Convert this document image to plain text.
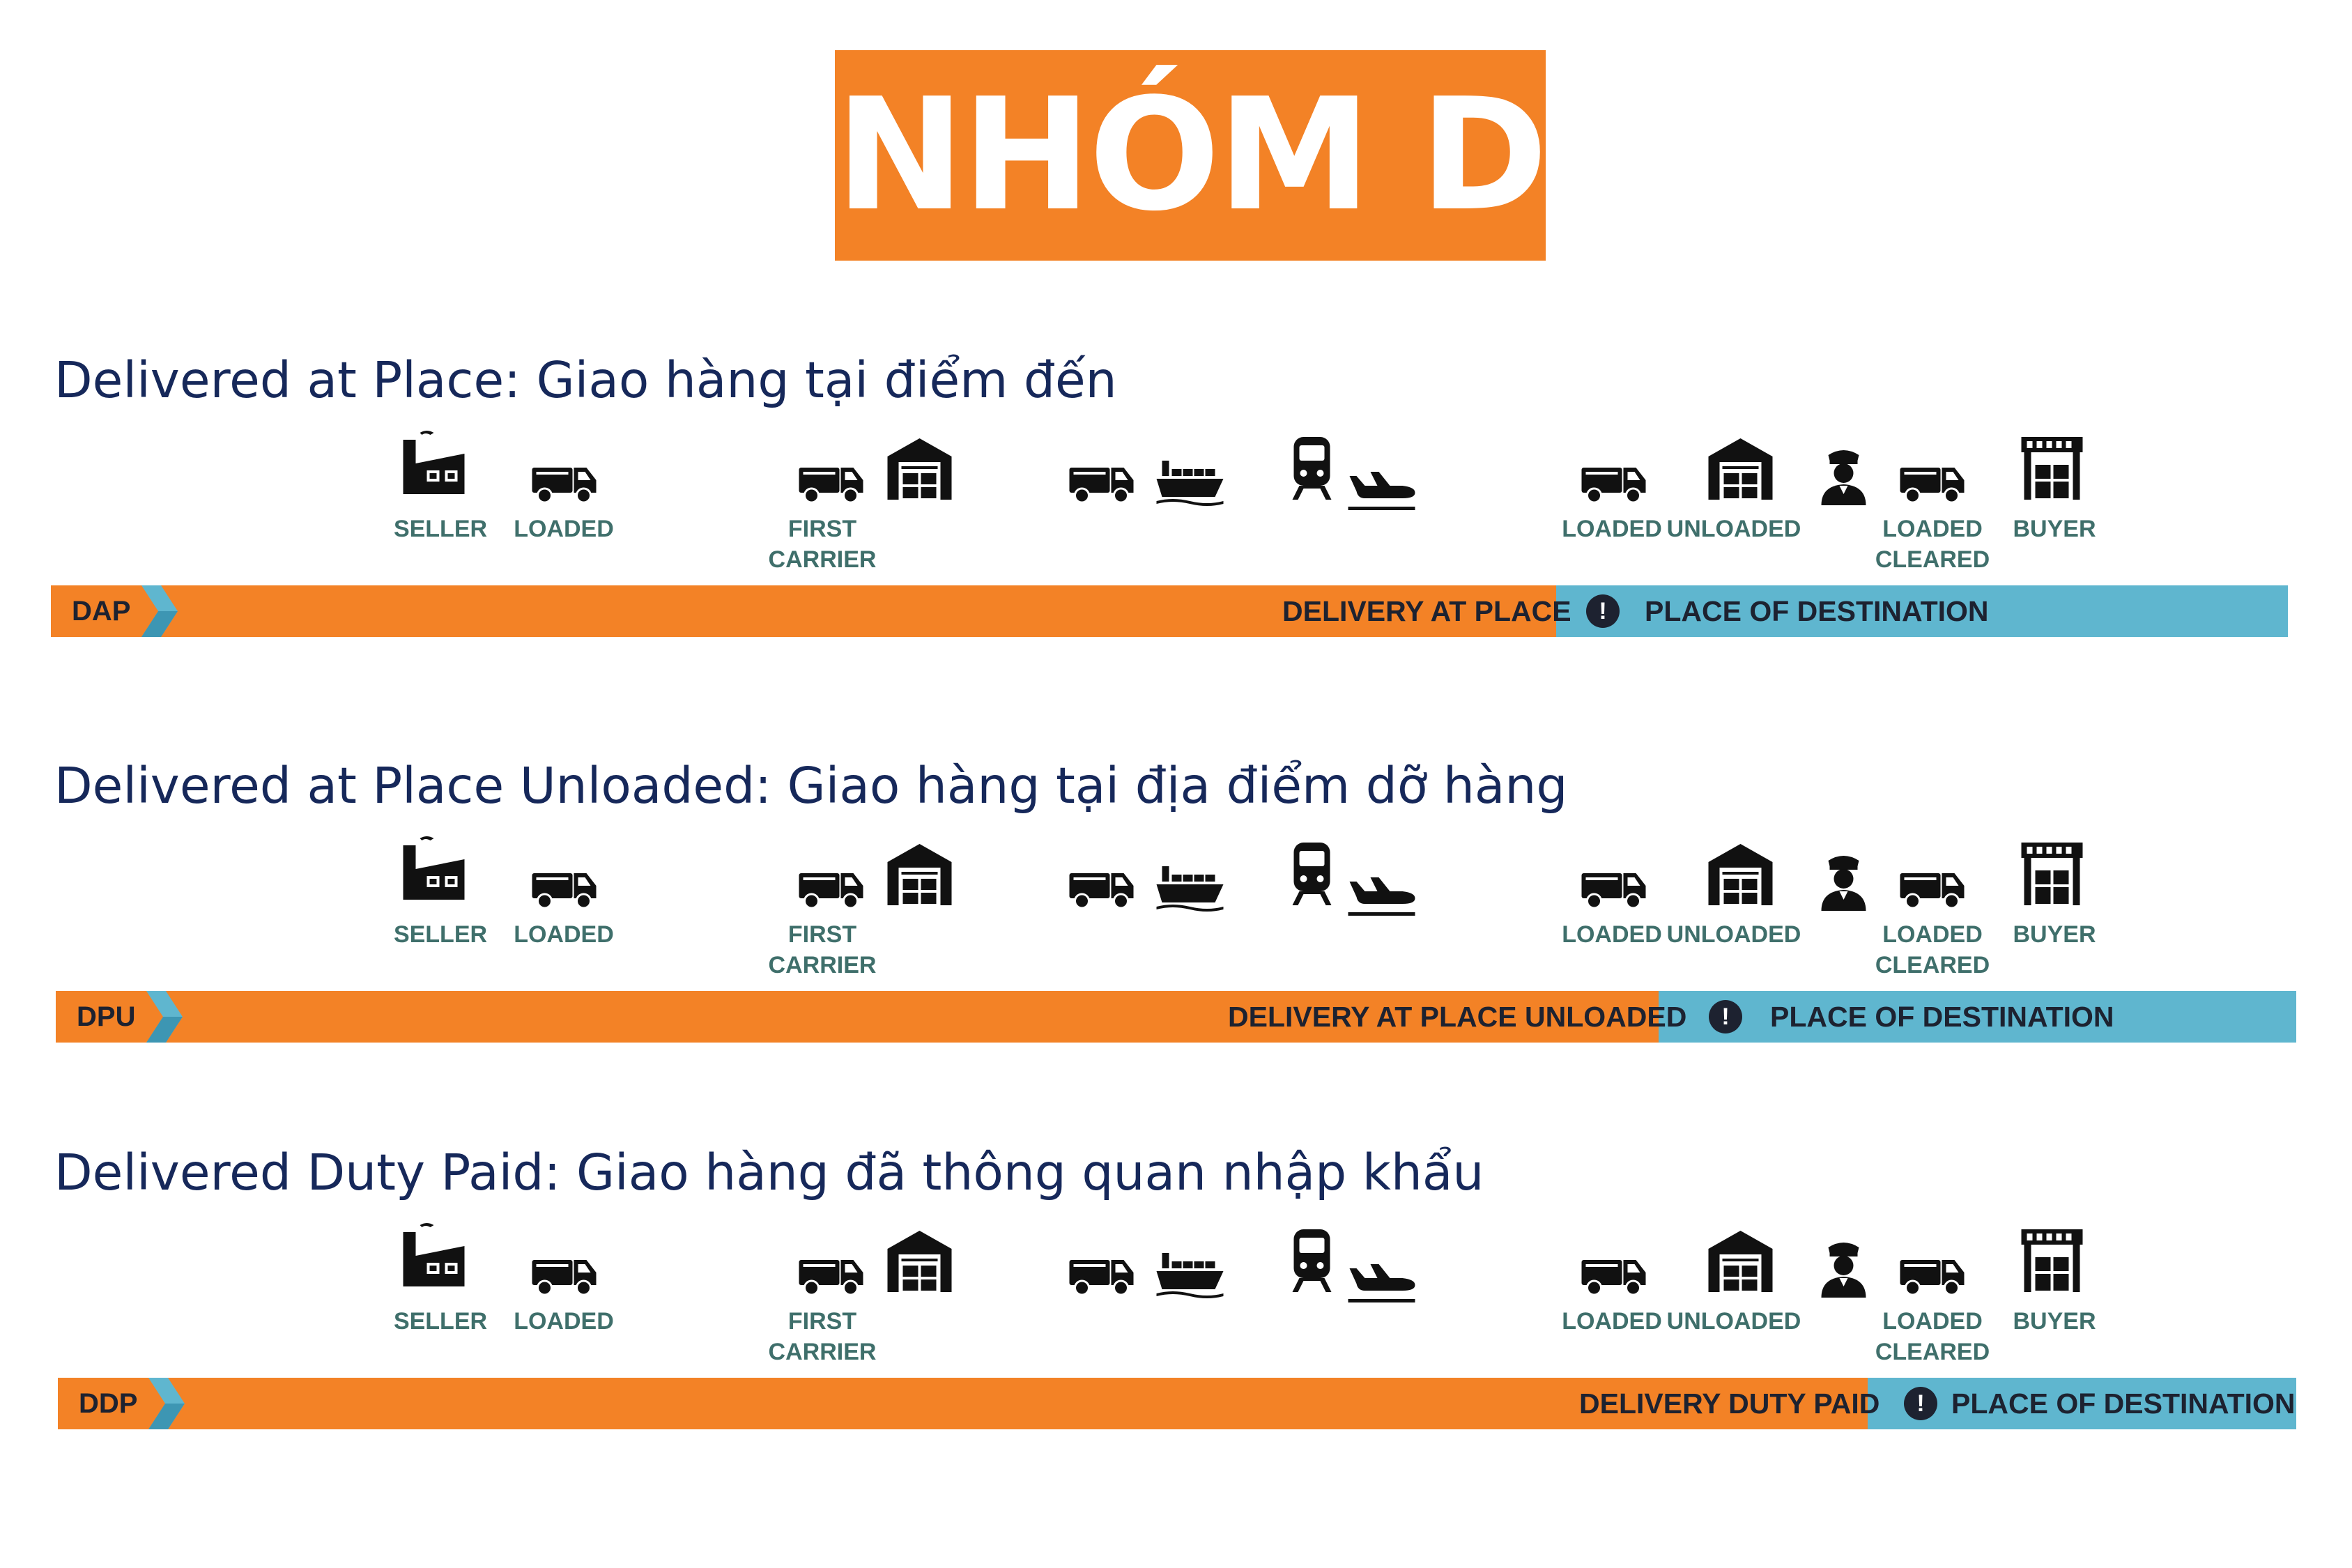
NHÓM D
Delivered at Place: Giao hàng tại điểm đến
SELLER LOADED	FIRST
CARRIER
LOADED UNLOADED	LOADED
CLEARED
BUYER
DAP	DELIVERY AT PLACE	!	PLACE OF DESTINATION
Delivered at Place Unloaded: Giao hàng tại địa điểm dỡ hàng
SELLER LOADED	FIRST
CARRIER
LOADED UNLOADED	LOADED
CLEARED
BUYER
DPU	DELIVERY AT PLACE UNLOADED	!	PLACE OF DESTINATION
Delivered Duty Paid: Giao hàng đã thông quan nhập khẩu
SELLER LOADED	FIRST
CARRIER
LOADED UNLOADED	LOADED
CLEARED
BUYER
DDP	DELIVERY DUTY PAID	! PLACE OF DESTINATION
